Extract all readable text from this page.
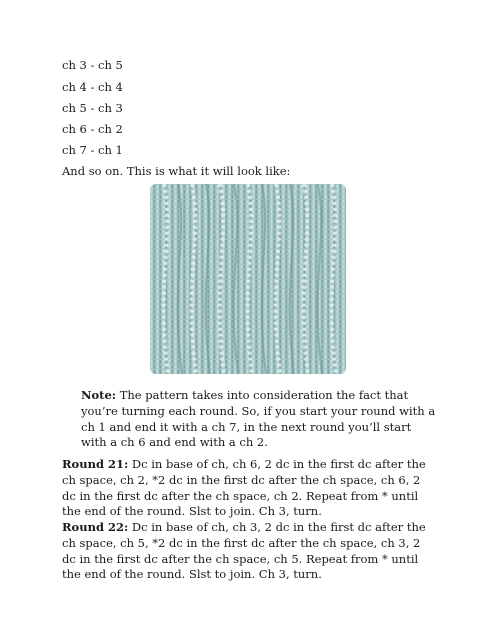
ch 3 - ch 5
ch 4 - ch 4
ch 5 - ch 3
ch 6 - ch 2
ch 7 - ch 1
And so on. This is what it will look like:
Note: The pattern takes into consideration the fact that you’re turning each round. So, if you start your round with a ch 1 and end it with a ch 7, in the next round you’ll start with a ch 6 and end with a ch 2.
Round 21: Dc in base of ch, ch 6, 2 dc in the first dc after the ch space, ch 2, *2 dc in the first dc after the ch space, ch 6, 2 dc in the first dc after the ch space, ch 2. Repeat from * until the end of the round. Slst to join. Ch 3, turn.
Round 22: Dc in base of ch, ch 3, 2 dc in the first dc after the ch space, ch 5, *2 dc in the first dc after the ch space, ch 3, 2 dc in the first dc after the ch space, ch 5. Repeat from * until the end of the round. Slst to join. Ch 3, turn.
